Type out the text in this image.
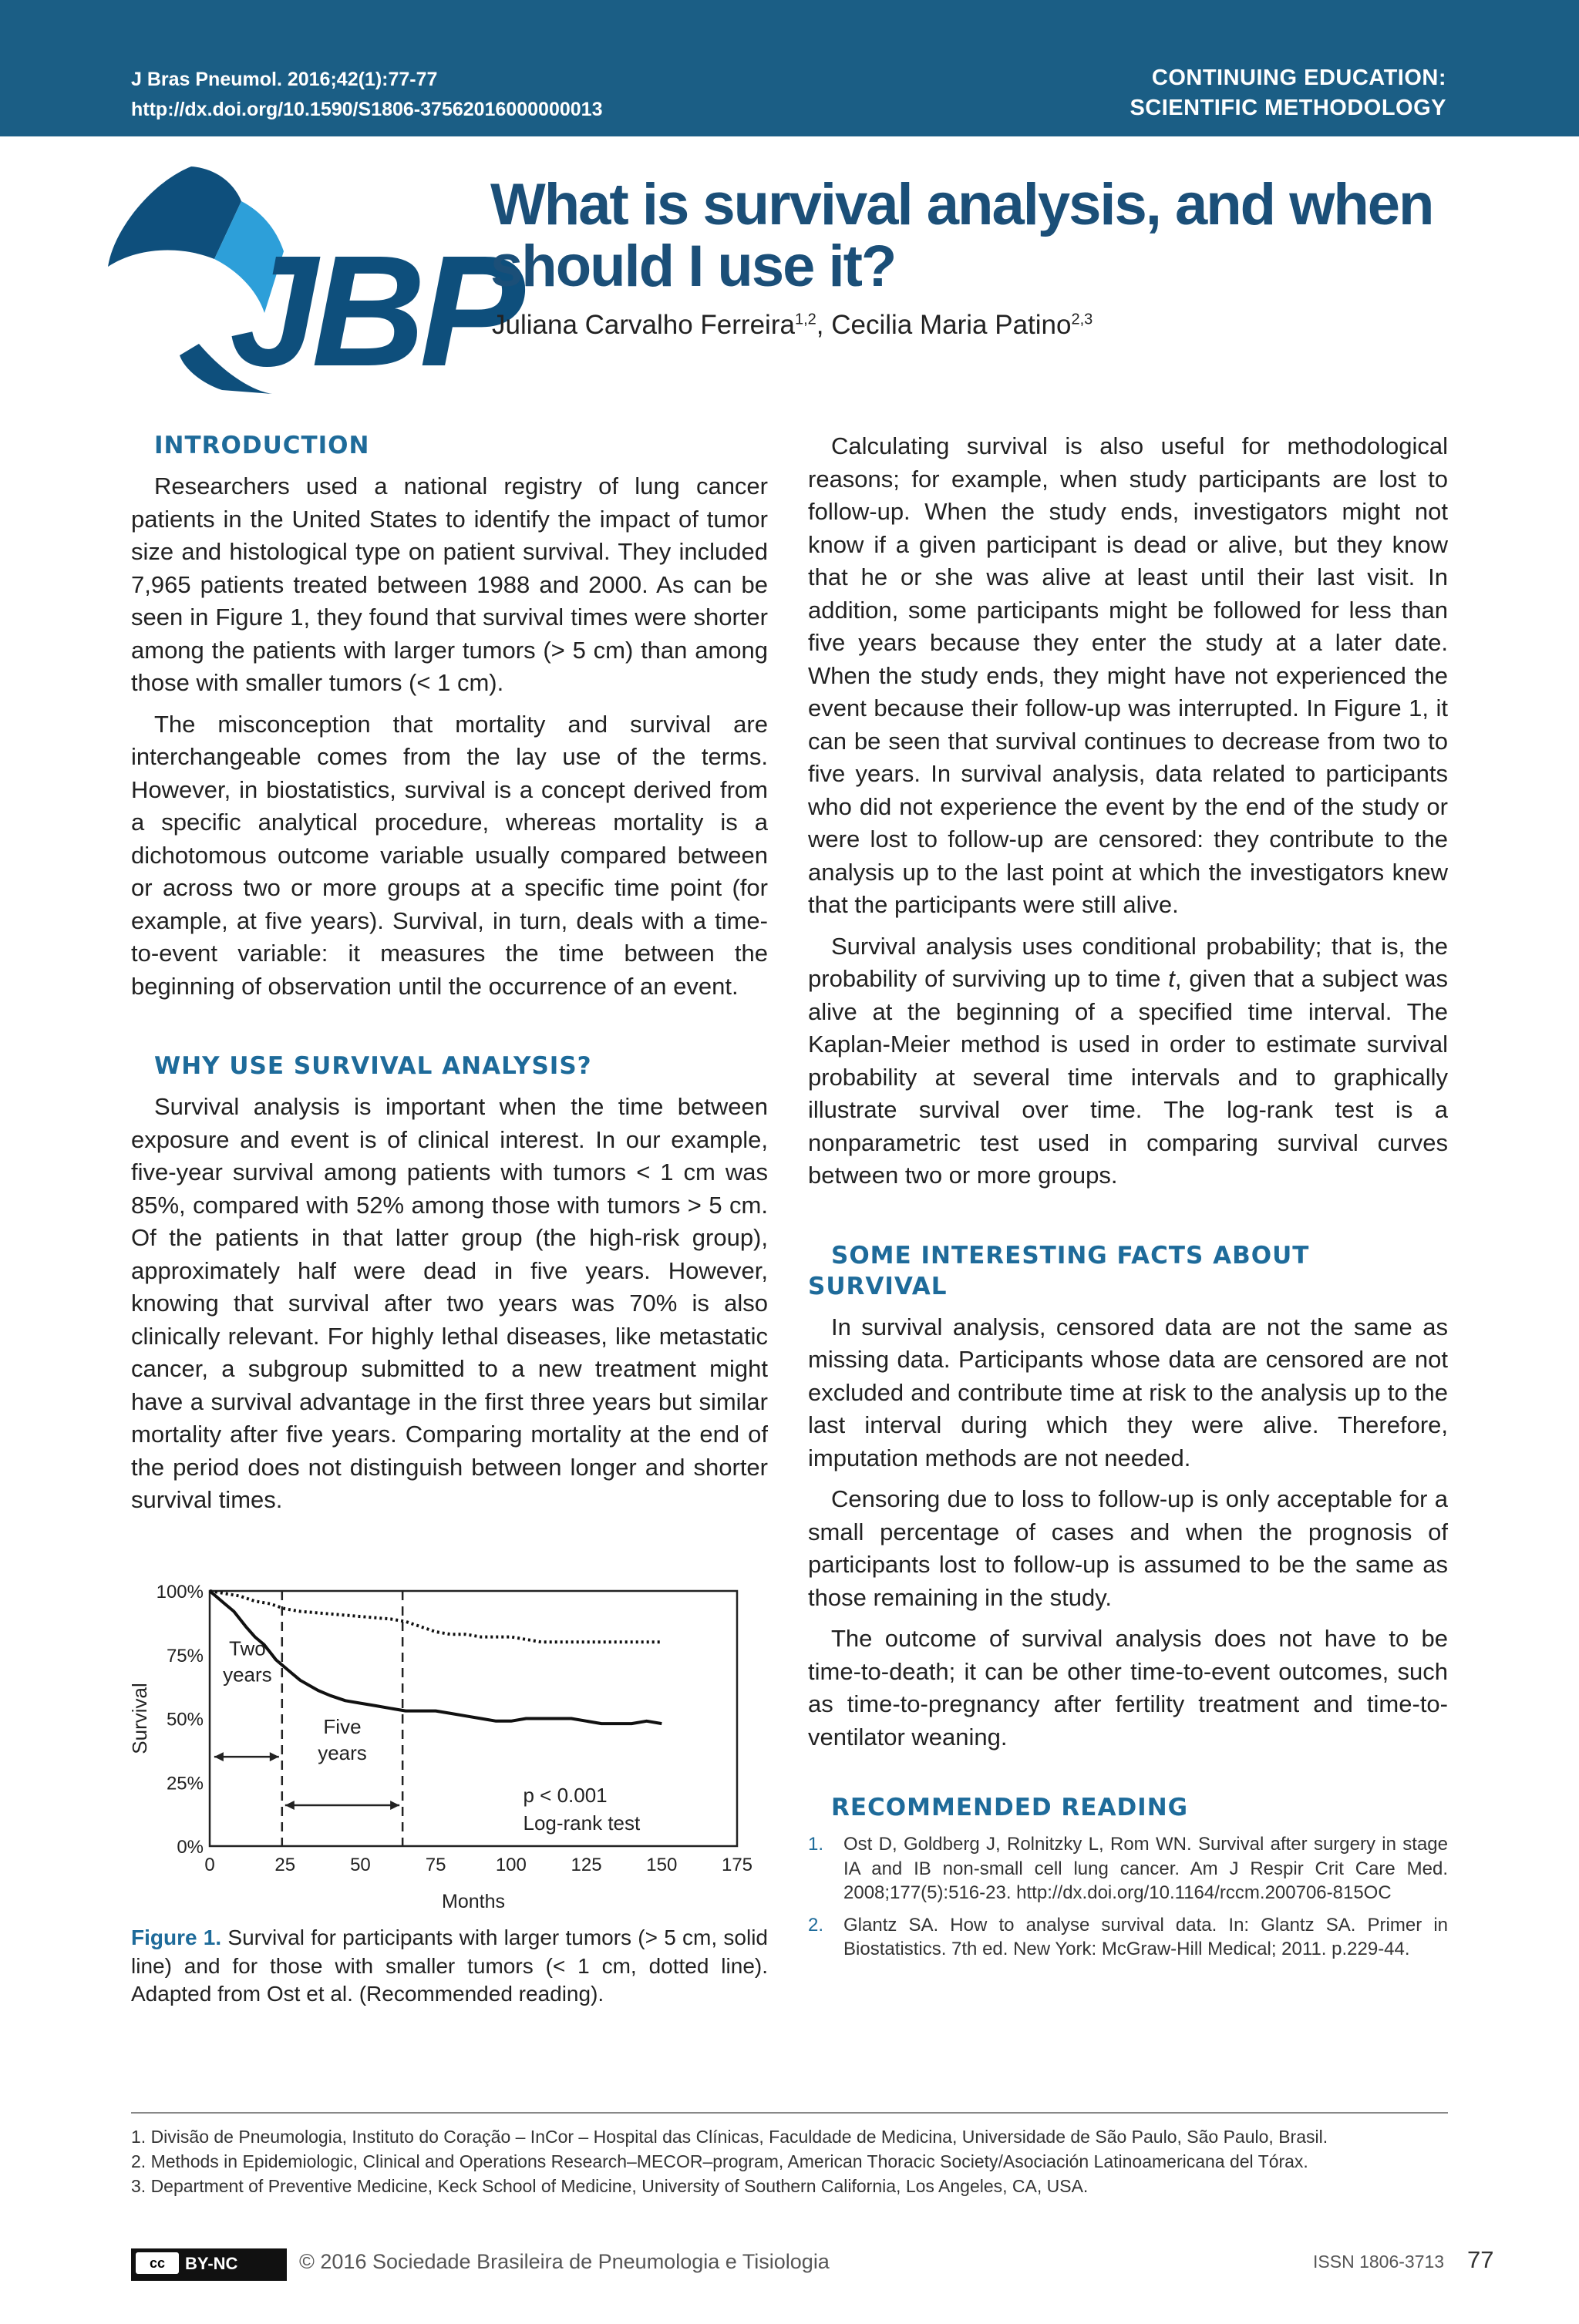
J Bras Pneumol. 2016;42(1):77-77
http://dx.doi.org/10.1590/S1806-37562016000000013
CONTINUING EDUCATION:
SCIENTIFIC METHODOLOGY
JBP
What is survival analysis, and when should I use it?
Juliana Carvalho Ferreira$^{1,2}$, Cecilia Maria Patino$^{2,3}$
INTRODUCTION

Researchers used a national registry of lung cancer patients in the United States to identify the impact of tumor size and histological type on patient survival. They included 7,965 patients treated between 1988 and 2000. As can be seen in Figure 1, they found that survival times were shorter among the patients with larger tumors (> 5 cm) than among those with smaller tumors (< 1 cm).

The misconception that mortality and survival are interchangeable comes from the lay use of the terms. However, in biostatistics, survival is a concept derived from a specific analytical procedure, whereas mortality is a dichotomous outcome variable usually compared between or across two or more groups at a specific time point (for example, at five years). Survival, in turn, deals with a time-to-event variable: it measures the time between the beginning of observation until the occurrence of an event.

WHY USE SURVIVAL ANALYSIS?

Survival analysis is important when the time between exposure and event is of clinical interest. In our example, five-year survival among patients with tumors < 1 cm was 85%, compared with 52% among those with tumors > 5 cm. Of the patients in that latter group (the high-risk group), approximately half were dead in five years. However, knowing that survival after two years was 70% is also clinically relevant. For highly lethal diseases, like metastatic cancer, a subgroup submitted to a new treatment might have a survival advantage in the first three years but similar mortality after five years. Comparing mortality at the end of the period does not distinguish between longer and shorter survival times.

0%
25%
50%
75%
100%
0	25	50	75	100 125 150 175
Months
Survival
Two
years
Five
years
p < 0.001
Log-rank test
Figure 1. Survival for participants with larger tumors (> 5 cm, solid line) and for those with smaller tumors (< 1 cm, dotted line). Adapted from Ost et al. (Recommended reading).

Calculating survival is also useful for methodological reasons; for example, when study participants are lost to follow-up. When the study ends, investigators might not know if a given participant is dead or alive, but they know that he or she was alive at least until their last visit. In addition, some participants might be followed for less than five years because they enter the study at a later date. When the study ends, they might have not experienced the event because their follow-up was interrupted. In Figure 1, it can be seen that survival continues to decrease from two to five years. In survival analysis, data related to participants who did not experience the event by the end of the study or were lost to follow-up are censored: they contribute to the analysis up to the last point at which the investigators knew that the participants were still alive.

Survival analysis uses conditional probability; that is, the probability of surviving up to time t, given that a subject was alive at the beginning of a specified time interval. The Kaplan-Meier method is used in order to estimate survival probability at several time intervals and to graphically illustrate survival over time. The log-rank test is a nonparametric test used in comparing survival curves between two or more groups.

SOME INTERESTING FACTS ABOUT SURVIVAL

In survival analysis, censored data are not the same as missing data. Participants whose data are censored are not excluded and contribute time at risk to the analysis up to the last interval during which they were alive. Therefore, imputation methods are not needed.

Censoring due to loss to follow-up is only acceptable for a small percentage of cases and when the prognosis of participants lost to follow-up is assumed to be the same as those remaining in the study.

The outcome of survival analysis does not have to be time-to-death; it can be other time-to-event outcomes, such as time-to-pregnancy after fertility treatment and time-to-ventilator weaning.

RECOMMENDED READING
1. Ost D, Goldberg J, Rolnitzky L, Rom WN. Survival after surgery in stage IA and IB non-small cell lung cancer. Am J Respir Crit Care Med. 2008;177(5):516-23. http://dx.doi.org/10.1164/rccm.200706-815OC
2. Glantz SA. How to analyse survival data. In: Glantz SA. Primer in Biostatistics. 7th ed. New York: McGraw-Hill Medical; 2011. p.229-44.
1. Divisão de Pneumologia, Instituto do Coração – InCor – Hospital das Clínicas, Faculdade de Medicina, Universidade de São Paulo, São Paulo, Brasil.
2. Methods in Epidemiologic, Clinical and Operations Research–MECOR–program, American Thoracic Society/Asociación Latinoamericana del Tórax.
3. Department of Preventive Medicine, Keck School of Medicine, University of Southern California, Los Angeles, CA, USA.
cc	BY-NC	© 2016 Sociedade Brasileira de Pneumologia e Tisiologia	ISSN 1806-3713 77
